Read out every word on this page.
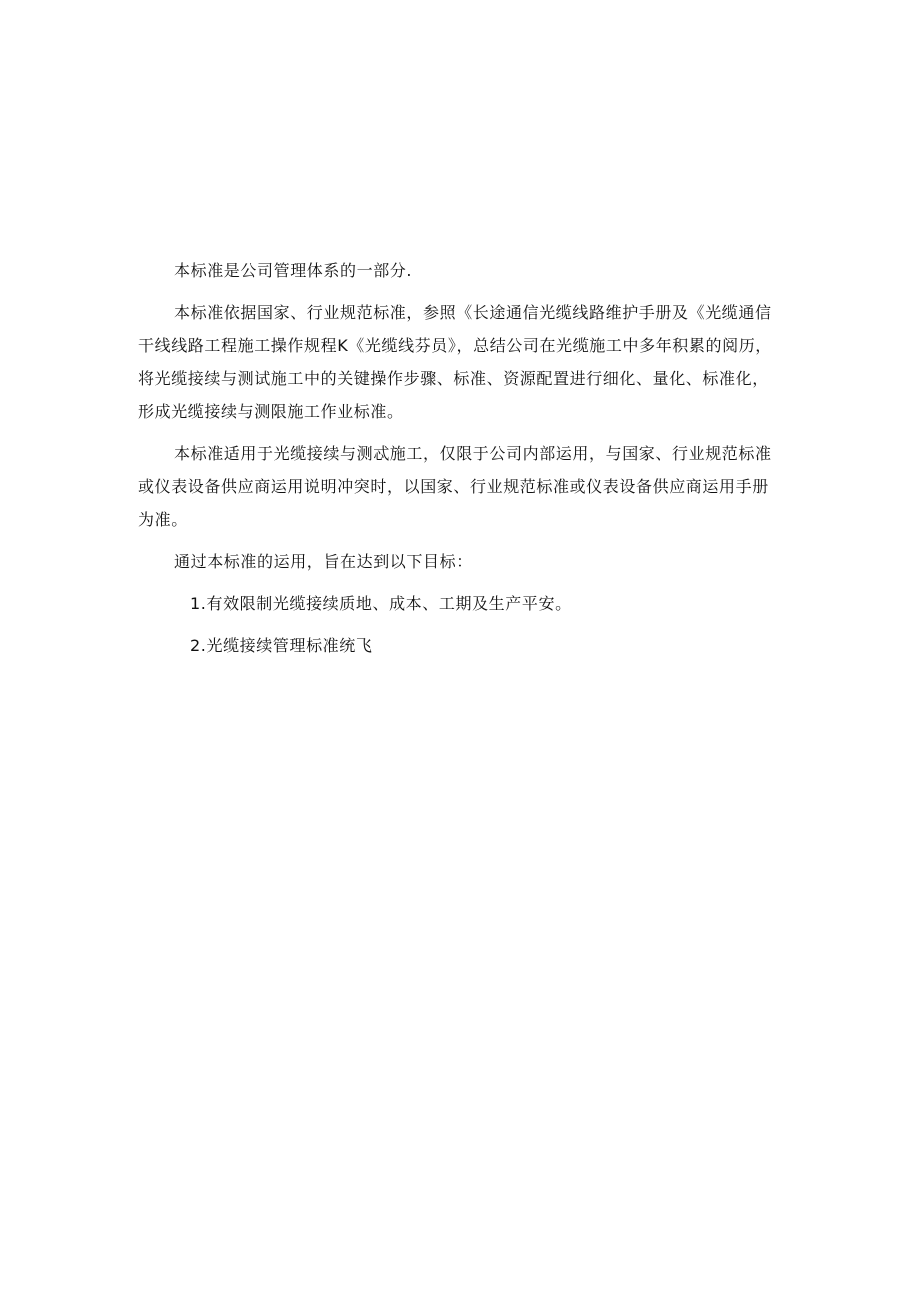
本标准是公司管理体系的一部分.

本标准依据国家、行业规范标准，参照《长途通信光缆线路维护手册及《光缆通信
干线线路工程施工操作规程K《光缆线芬员》，总结公司在光缆施工中多年积累的阅历，
将光缆接续与测试施工中的关键操作步骤、标准、资源配置进行细化、量化、标准化，
形成光缆接续与测限施工作业标准。

本标准适用于光缆接续与测忒施工，仅限于公司内部运用，与国家、行业规范标准
或仪表设备供应商运用说明冲突时，以国家、行业规范标准或仪表设备供应商运用手册
为准。

通过本标准的运用，旨在达到以下目标：

1.有效限制光缆接续质地、成本、工期及生产平安。
2.光缆接续管理标准统飞
